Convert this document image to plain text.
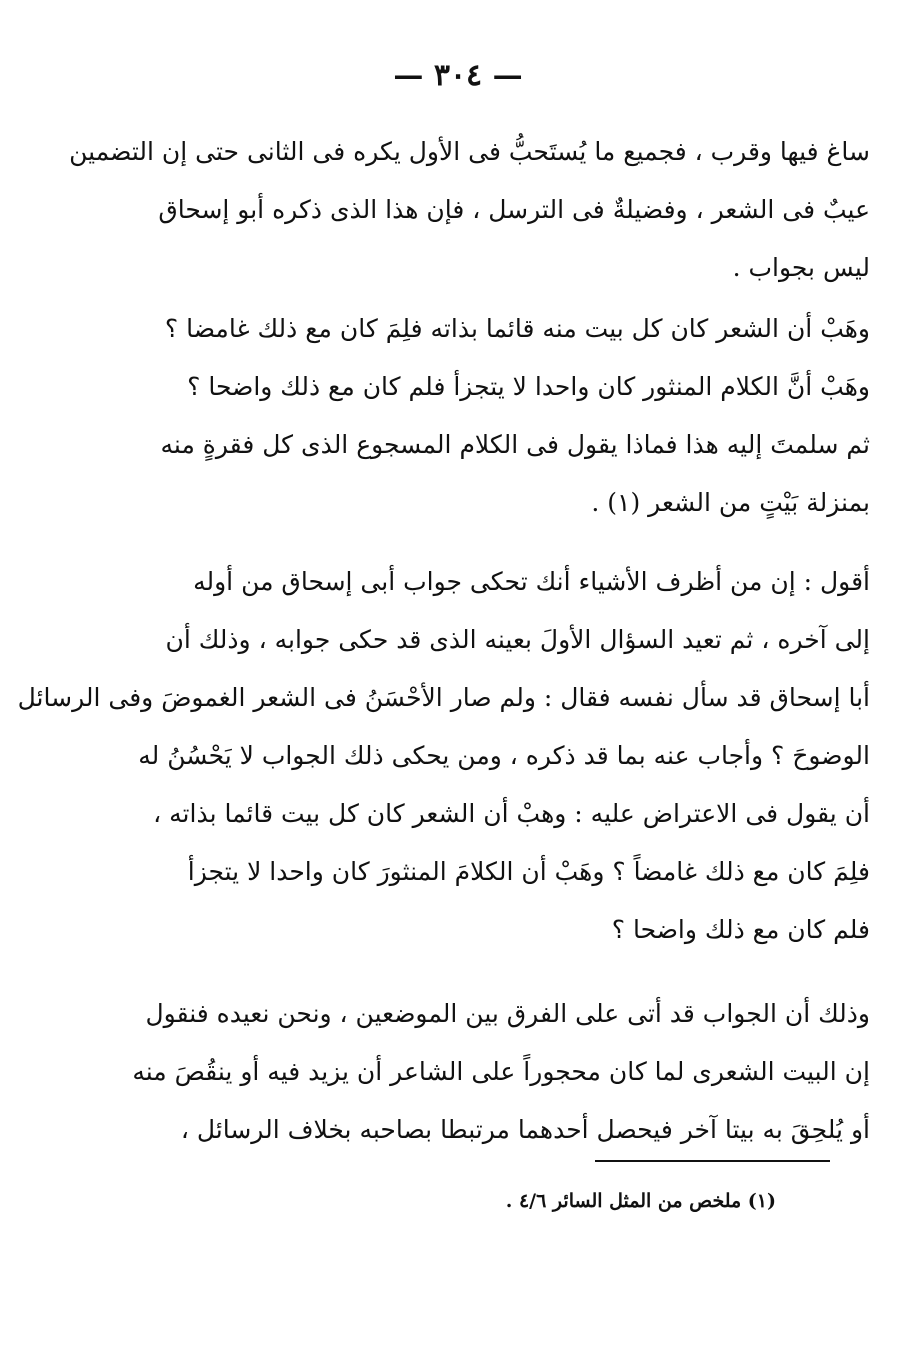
— ٣٠٤ —

ساغ فيها وقرب ، فجميع ما يُستَحبُّ فى الأول يكره فى الثانى حتى إن التضمين
عيبٌ فى الشعر ، وفضيلةٌ فى الترسل ، فإن هذا الذى ذكره أبو إسحاق
ليس بجواب .

وهَبْ أن الشعر كان كل بيت منه قائما بذاته فلِمَ كان مع ذلك غامضا ؟
وهَبْ أنَّ الكلام المنثور كان واحدا لا يتجزأ فلم كان مع ذلك واضحا ؟
ثم سلمتَ إليه هذا فماذا يقول فى الكلام المسجوع الذى كل فقرةٍ منه
بمنزلة بَيْتٍ من الشعر (١) .

أقول : إن من أظرف الأشياء أنك تحكى جواب أبى إسحاق من أوله
إلى آخره ، ثم تعيد السؤال الأولَ بعينه الذى قد حكى جوابه ، وذلك أن
أبا إسحاق قد سأل نفسه فقال : ولم صار الأحْسَنُ فى الشعر الغموضَ وفى الرسائل
الوضوحَ ؟ وأجاب عنه بما قد ذكره ، ومن يحكى ذلك الجواب لا يَحْسُنُ له
أن يقول فى الاعتراض عليه : وهبْ أن الشعر كان كل بيت قائما بذاته ،
فلِمَ كان مع ذلك غامضاً ؟ وهَبْ أن الكلامَ المنثورَ كان واحدا لا يتجزأ
فلم كان مع ذلك واضحا ؟

وذلك أن الجواب قد أتى على الفرق بين الموضعين ، ونحن نعيده فنقول
إن البيت الشعرى لما كان محجوراً على الشاعر أن يزيد فيه أو ينقُصَ منه
أو يُلحِقَ به بيتا آخر فيحصل أحدهما مرتبطا بصاحبه بخلاف الرسائل ،

(١) ملخص من المثل السائر ٤/٦ .
